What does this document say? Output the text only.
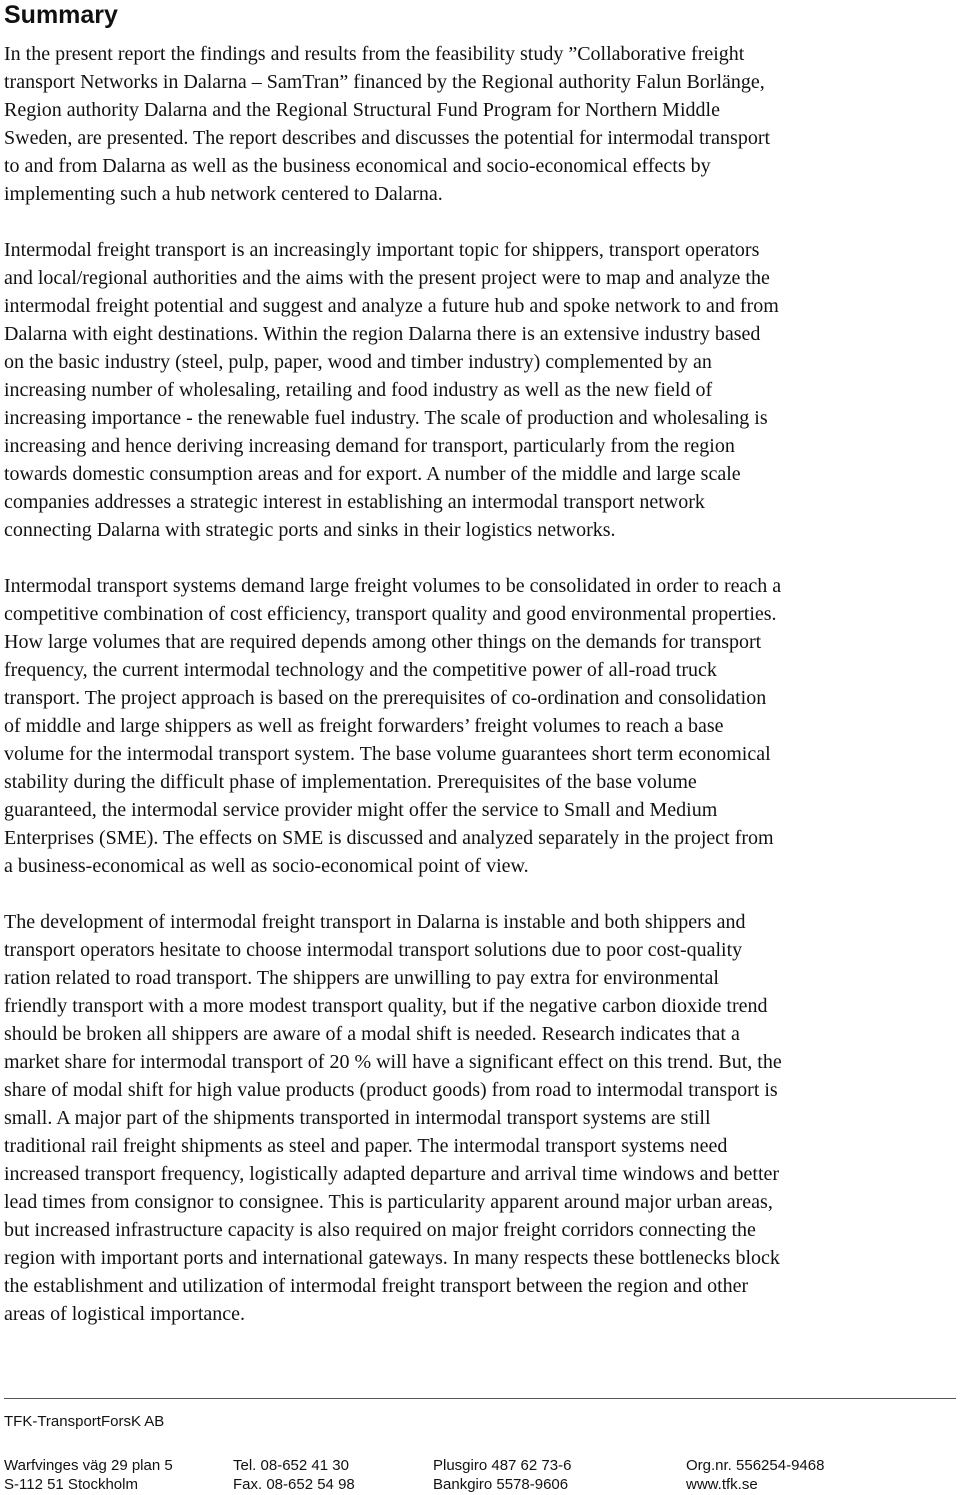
Summary

In the present report the findings and results from the feasibility study ”Collaborative freight
transport Networks in Dalarna – SamTran” financed by the Regional authority Falun Borlänge,
Region authority Dalarna and the Regional Structural Fund Program for Northern Middle
Sweden, are presented. The report describes and discusses the potential for intermodal transport
to and from Dalarna as well as the business economical and socio-economical effects by
implementing such a hub network centered to Dalarna.

Intermodal freight transport is an increasingly important topic for shippers, transport operators
and local/regional authorities and the aims with the present project were to map and analyze the
intermodal freight potential and suggest and analyze a future hub and spoke network to and from
Dalarna with eight destinations. Within the region Dalarna there is an extensive industry based
on the basic industry (steel, pulp, paper, wood and timber industry) complemented by an
increasing number of wholesaling, retailing and food industry as well as the new field of
increasing importance - the renewable fuel industry. The scale of production and wholesaling is
increasing and hence deriving increasing demand for transport, particularly from the region
towards domestic consumption areas and for export. A number of the middle and large scale
companies addresses a strategic interest in establishing an intermodal transport network
connecting Dalarna with strategic ports and sinks in their logistics networks.

Intermodal transport systems demand large freight volumes to be consolidated in order to reach a
competitive combination of cost efficiency, transport quality and good environmental properties.
How large volumes that are required depends among other things on the demands for transport
frequency, the current intermodal technology and the competitive power of all-road truck
transport. The project approach is based on the prerequisites of co-ordination and consolidation
of middle and large shippers as well as freight forwarders’ freight volumes to reach a base
volume for the intermodal transport system. The base volume guarantees short term economical
stability during the difficult phase of implementation. Prerequisites of the base volume
guaranteed, the intermodal service provider might offer the service to Small and Medium
Enterprises (SME). The effects on SME is discussed and analyzed separately in the project from
a business-economical as well as socio-economical point of view.

The development of intermodal freight transport in Dalarna is instable and both shippers and
transport operators hesitate to choose intermodal transport solutions due to poor cost-quality
ration related to road transport. The shippers are unwilling to pay extra for environmental
friendly transport with a more modest transport quality, but if the negative carbon dioxide trend
should be broken all shippers are aware of a modal shift is needed. Research indicates that a
market share for intermodal transport of 20 % will have a significant effect on this trend. But, the
share of modal shift for high value products (product goods) from road to intermodal transport is
small. A major part of the shipments transported in intermodal transport systems are still
traditional rail freight shipments as steel and paper. The intermodal transport systems need
increased transport frequency, logistically adapted departure and arrival time windows and better
lead times from consignor to consignee. This is particularity apparent around major urban areas,
but increased infrastructure capacity is also required on major freight corridors connecting the
region with important ports and international gateways. In many respects these bottlenecks block
the establishment and utilization of intermodal freight transport between the region and other
areas of logistical importance.

TFK-TransportForsK AB
Warfvinges väg 29 plan 5
S-112 51 Stockholm
Tel. 08-652 41 30
Fax. 08-652 54 98
Plusgiro 487 62 73-6
Bankgiro 5578-9606
Org.nr. 556254-9468
www.tfk.se
